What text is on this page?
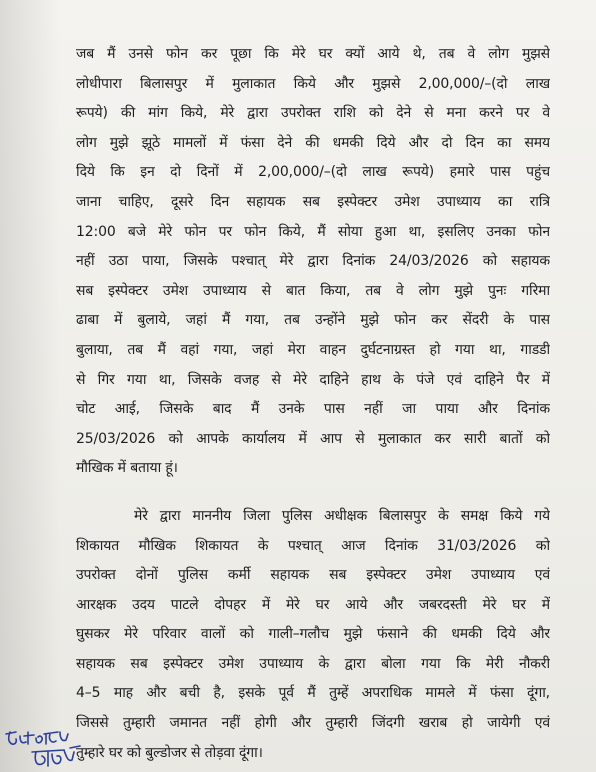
जब मैं उनसे फोन कर पूछा कि मेरे घर क्यों आये थे, तब वे लोग मुझसे
लोधीपारा बिलासपुर में मुलाकात किये और मुझसे 2,00,000/–(दो लाख
रूपये) की मांग किये, मेरे द्वारा उपरोक्त राशि को देने से मना करने पर वे
लोग मुझे झूठे मामलों में फंसा देने की धमकी दिये और दो दिन का समय
दिये कि इन दो दिनों में 2,00,000/–(दो लाख रूपये) हमारे पास पहुंच
जाना चाहिए, दूसरे दिन सहायक सब इस्पेक्टर उमेश उपाध्याय का रात्रि
12:00 बजे मेरे फोन पर फोन किये, मैं सोया हुआ था, इसलिए उनका फोन
नहीं उठा पाया, जिसके पश्चात् मेरे द्वारा दिनांक 24/03/2026 को सहायक
सब इस्पेक्टर उमेश उपाध्याय से बात किया, तब वे लोग मुझे पुनः गरिमा
ढाबा में बुलाये, जहां मैं गया, तब उन्होंने मुझे फोन कर सेंदरी के पास
बुलाया, तब मैं वहां गया, जहां मेरा वाहन दुर्घटनाग्रस्त हो गया था, गाडडी
से गिर गया था, जिसके वजह से मेरे दाहिने हाथ के पंजे एवं दाहिने पैर में
चोट आई, जिसके बाद मैं उनके पास नहीं जा पाया और दिनांक
25/03/2026 को आपके कार्यालय में आप से मुलाकात कर सारी बातों को
मौखिक में बताया हूं।
मेरे द्वारा माननीय जिला पुलिस अधीक्षक बिलासपुर के समक्ष किये गये
शिकायत मौखिक शिकायत के पश्चात् आज दिनांक 31/03/2026 को
उपरोक्त दोनों पुलिस कर्मी सहायक सब इस्पेक्टर उमेश उपाध्याय एवं
आरक्षक उदय पाटले दोपहर में मेरे घर आये और जबरदस्ती मेरे घर में
घुसकर मेरे परिवार वालों को गाली–गलौच मुझे फंसाने की धमकी दिये और
सहायक सब इस्पेक्टर उमेश उपाध्याय के द्वारा बोला गया कि मेरी नौकरी
4–5 माह और बची है, इसके पूर्व मैं तुम्हें अपराधिक मामले में फंसा दूंगा,
जिससे तुम्हारी जमानत नहीं होगी और तुम्हारी जिंदगी खराब हो जायेगी एवं
तुम्हारे घर को बुल्डोजर से तोड़वा दूंगा।
